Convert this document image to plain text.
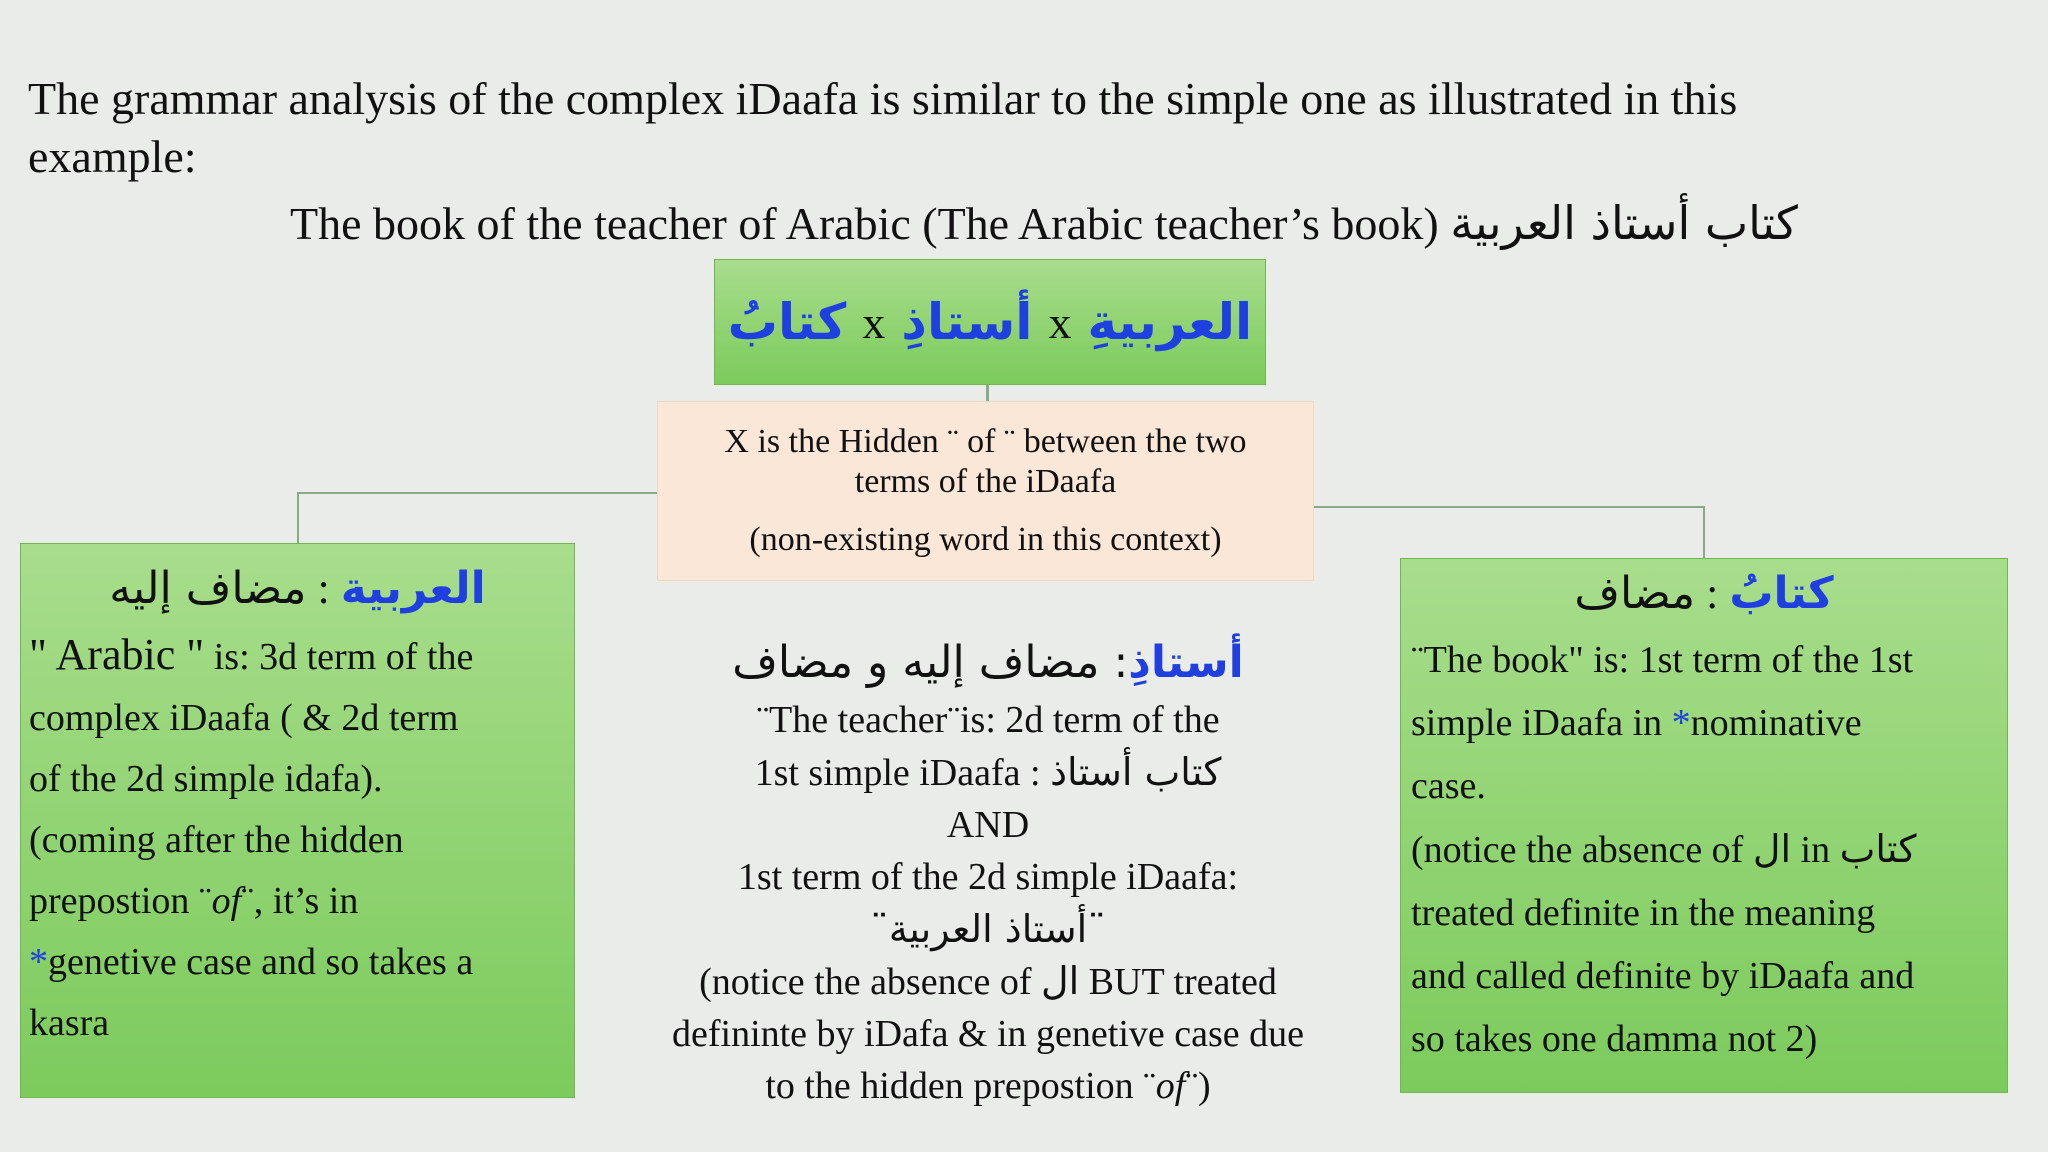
The grammar analysis of the complex iDaafa is similar to the simple one as illustrated in this
example:
The book of the teacher of Arabic (The Arabic teacher’s book) كتاب أستاذ العربية
كتابُ x أستاذِ x العربيةِ
X is the Hidden ¨ of ¨ between the two
terms of the iDaafa
(non-existing word in this context)
العربية : مضاف إليه
" Arabic " is: 3d term of the
complex iDaafa ( & 2d term
of the 2d simple idafa).
(coming after the hidden
prepostion ¨of¨, it’s in
*genetive case and so takes a
kasra
أستاذِ: مضاف إليه و مضاف
¨The teacher¨is: 2d term of the
1st simple iDaafa : كتاب أستاذ
AND
1st term of the 2d simple iDaafa:
¨أستاذ العربية¨
(notice the absence of ال BUT treated
defininte by iDafa & in genetive case due
to the hidden prepostion ¨of¨)
كتابُ : مضاف
¨The book" is: 1st term of the 1st
simple iDaafa in *nominative
case.
(notice the absence of ال in كتاب
treated definite in the meaning
and called definite by iDaafa and
so takes one damma not 2)
